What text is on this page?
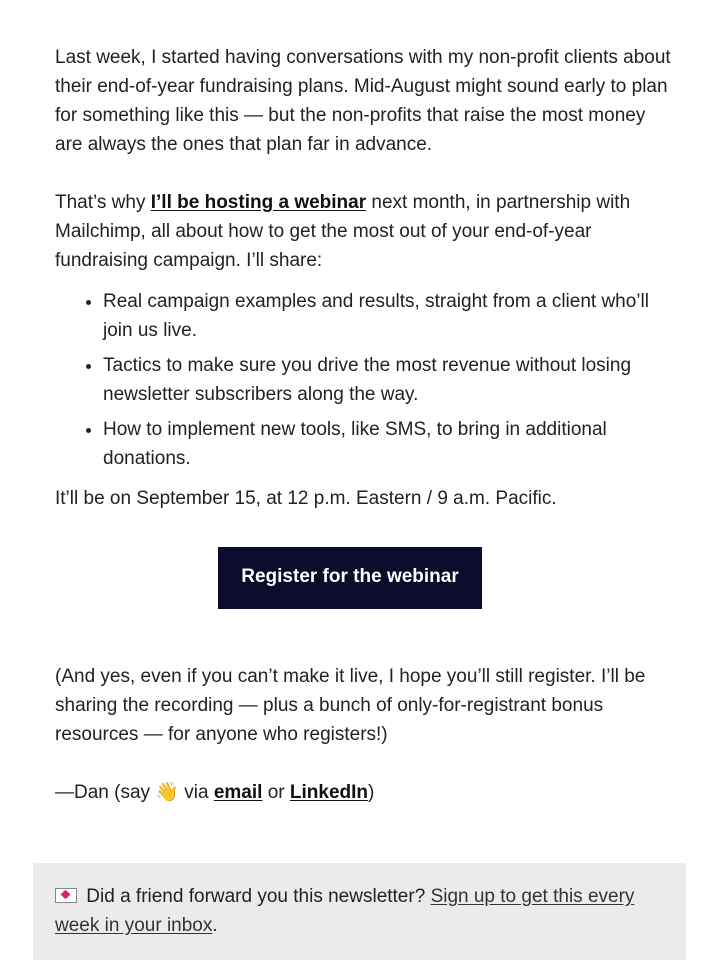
Last week, I started having conversations with my non-profit clients about their end-of-year fundraising plans. Mid-August might sound early to plan for something like this — but the non-profits that raise the most money are always the ones that plan far in advance.

That’s why I’ll be hosting a webinar next month, in partnership with Mailchimp, all about how to get the most out of your end-of-year fundraising campaign. I’ll share:

• Real campaign examples and results, straight from a client who’ll join us live.
• Tactics to make sure you drive the most revenue without losing newsletter subscribers along the way.
• How to implement new tools, like SMS, to bring in additional donations.

It’ll be on September 15, at 12 p.m. Eastern / 9 a.m. Pacific.

Register for the webinar

(And yes, even if you can’t make it live, I hope you’ll still register. I’ll be sharing the recording — plus a bunch of only-for-registrant bonus resources — for anyone who registers!)

—Dan (say 👋 via email or LinkedIn)

Did a friend forward you this newsletter? Sign up to get this every week in your inbox.
